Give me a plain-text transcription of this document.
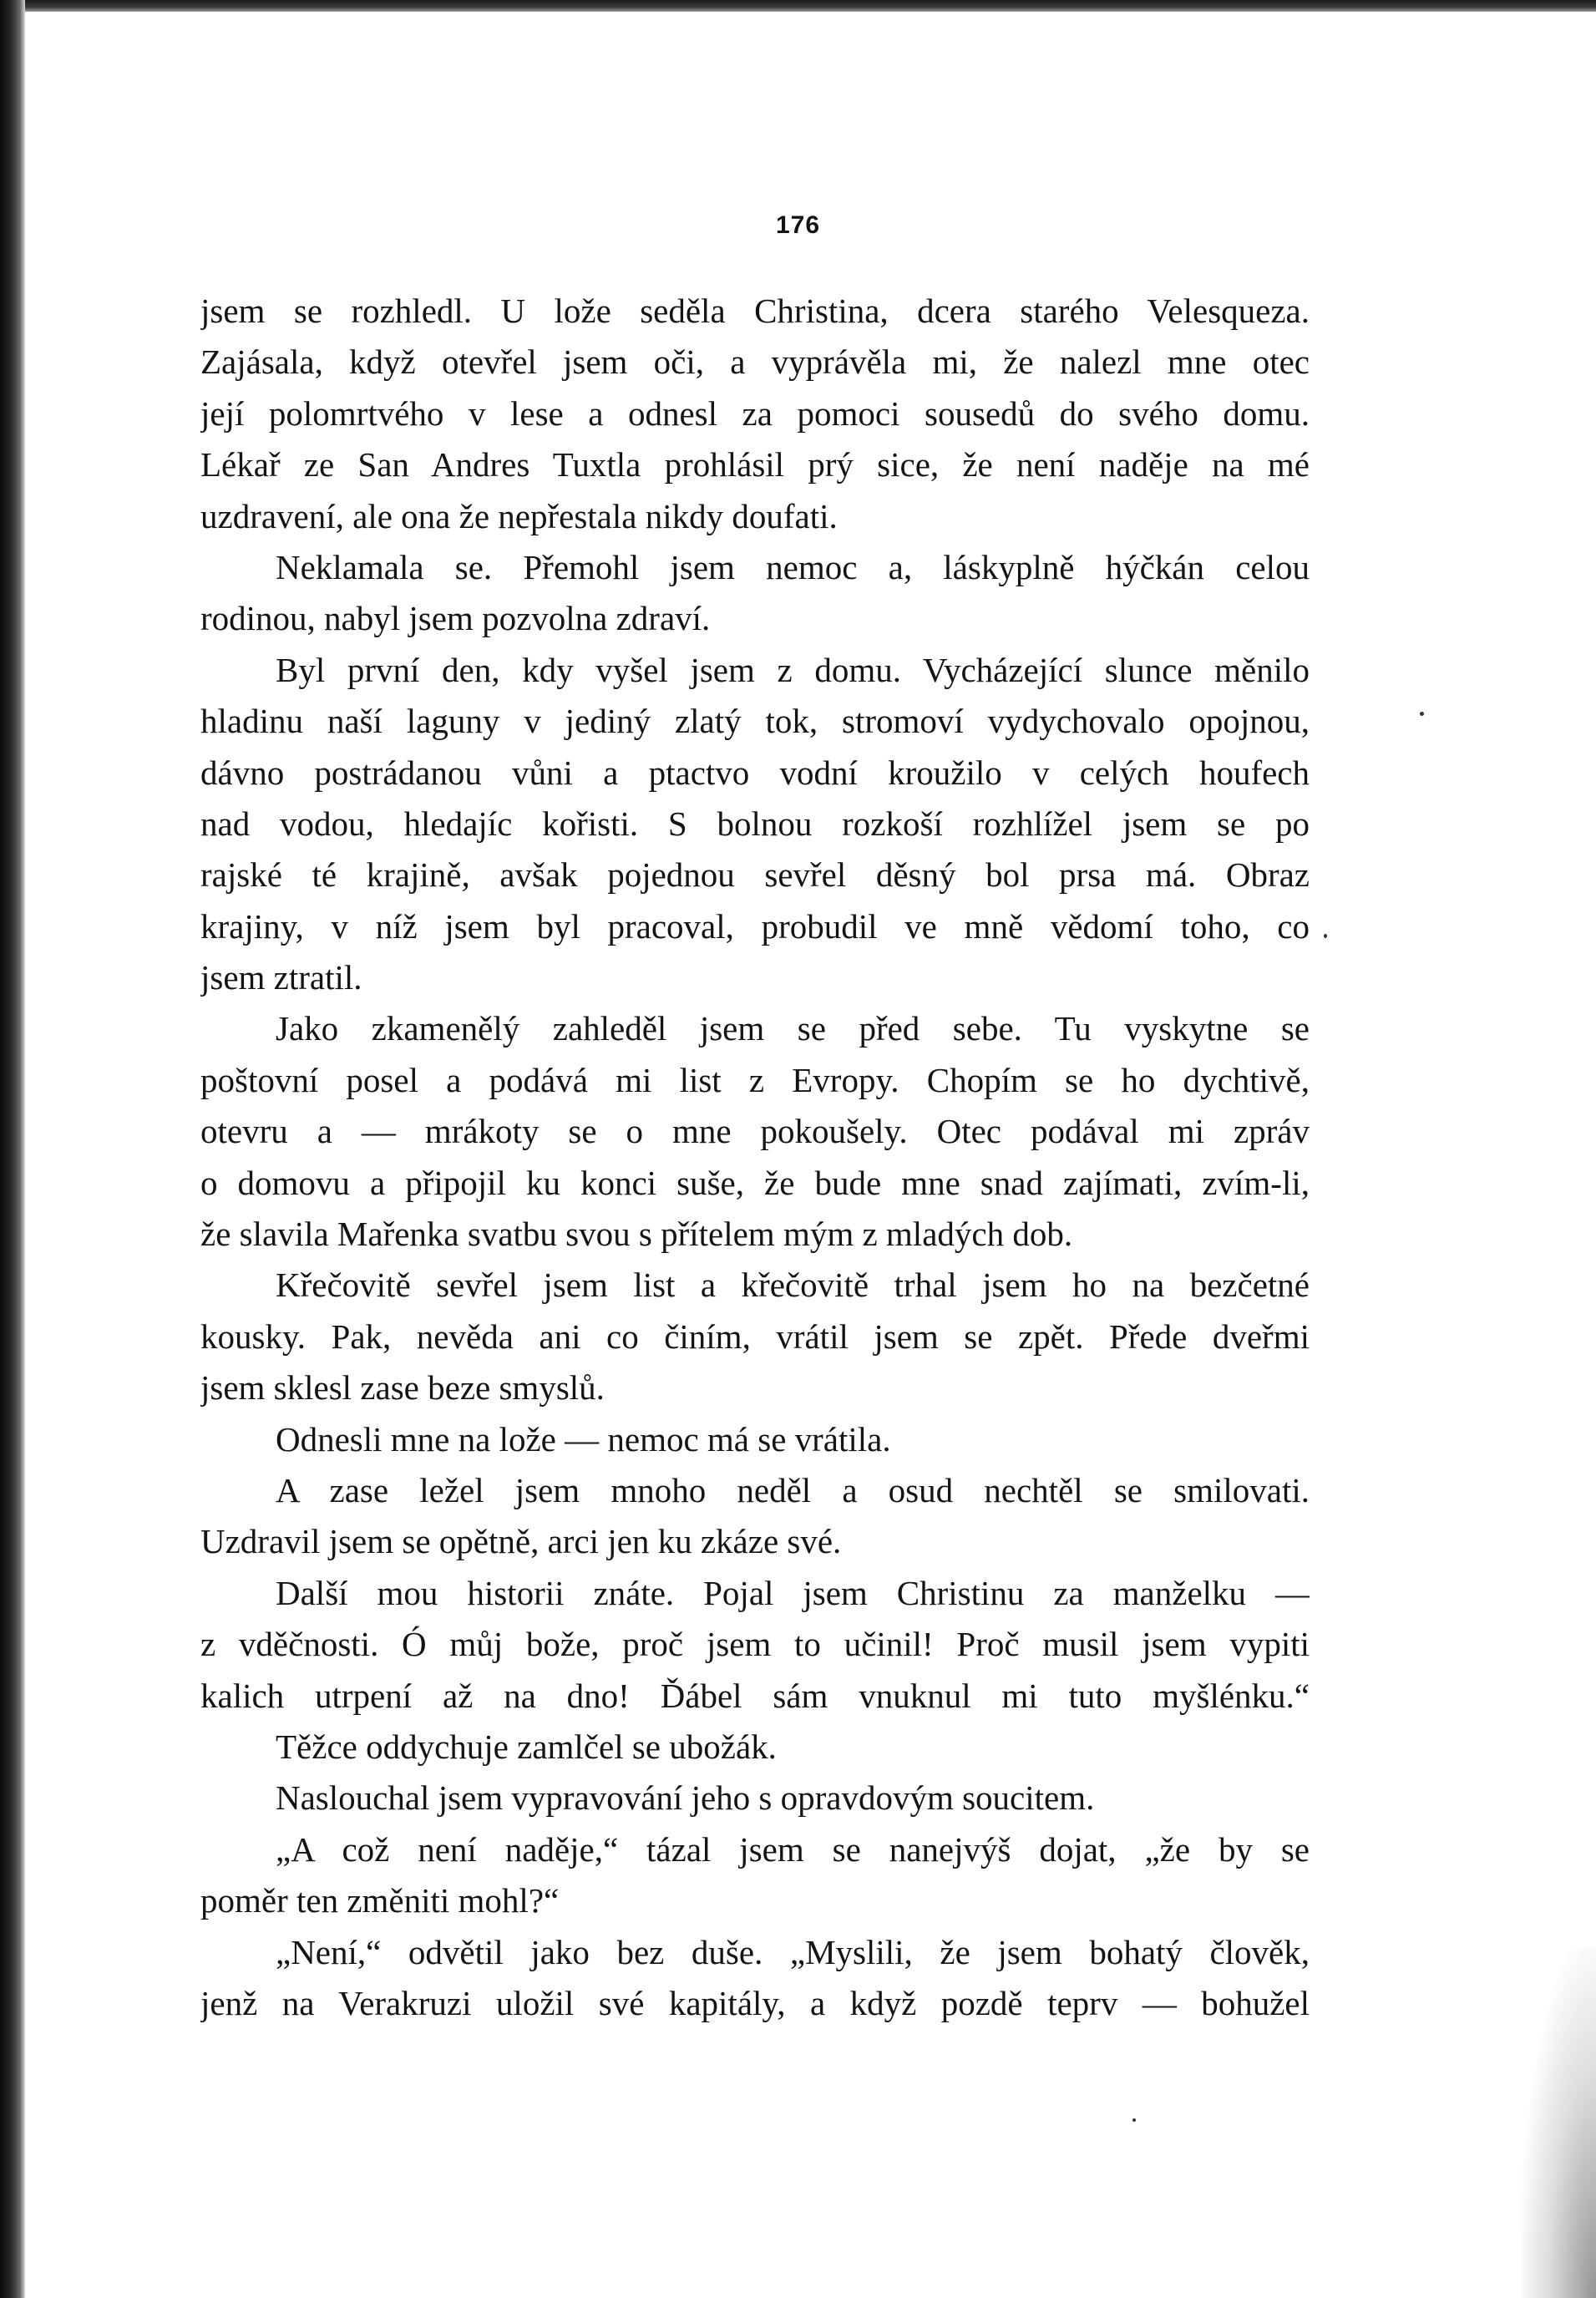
176
jsem se rozhledl. U lože seděla Christina, dcera starého Velesqueza.
Zajásala, když otevřel jsem oči, a vyprávěla mi, že nalezl mne otec
její polomrtvého v lese a odnesl za pomoci sousedů do svého domu.
Lékař ze San Andres Tuxtla prohlásil prý sice, že není naděje na mé
uzdravení, ale ona že nepřestala nikdy doufati.
Neklamala se. Přemohl jsem nemoc a, láskyplně hýčkán celou
rodinou, nabyl jsem pozvolna zdraví.
Byl první den, kdy vyšel jsem z domu. Vycházející slunce měnilo
hladinu naší laguny v jediný zlatý tok, stromoví vydychovalo opojnou,
dávno postrádanou vůni a ptactvo vodní kroužilo v celých houfech
nad vodou, hledajíc kořisti. S bolnou rozkoší rozhlížel jsem se po
rajské té krajině, avšak pojednou sevřel děsný bol prsa má. Obraz
krajiny, v níž jsem byl pracoval, probudil ve mně vědomí toho, co
jsem ztratil.
Jako zkamenělý zahleděl jsem se před sebe. Tu vyskytne se
poštovní posel a podává mi list z Evropy. Chopím se ho dychtivě,
otevru a — mrákoty se o mne pokoušely. Otec podával mi zpráv
o domovu a připojil ku konci suše, že bude mne snad zajímati, zvím-li,
že slavila Mařenka svatbu svou s přítelem mým z mladých dob.
Křečovitě sevřel jsem list a křečovitě trhal jsem ho na bezčetné
kousky. Pak, nevěda ani co činím, vrátil jsem se zpět. Přede dveřmi
jsem sklesl zase beze smyslů.
Odnesli mne na lože — nemoc má se vrátila.
A zase ležel jsem mnoho neděl a osud nechtěl se smilovati.
Uzdravil jsem se opětně, arci jen ku zkáze své.
Další mou historii znáte. Pojal jsem Christinu za manželku —
z vděčnosti. Ó můj bože, proč jsem to učinil! Proč musil jsem vypiti
kalich utrpení až na dno! Ďábel sám vnuknul mi tuto myšlénku.“
Těžce oddychuje zamlčel se ubožák.
Naslouchal jsem vypravování jeho s opravdovým soucitem.
„A což není naděje,“ tázal jsem se nanejvýš dojat, „že by se
poměr ten změniti mohl?“
„Není,“ odvětil jako bez duše. „Myslili, že jsem bohatý člověk,
jenž na Verakruzi uložil své kapitály, a když pozdě teprv — bohužel
